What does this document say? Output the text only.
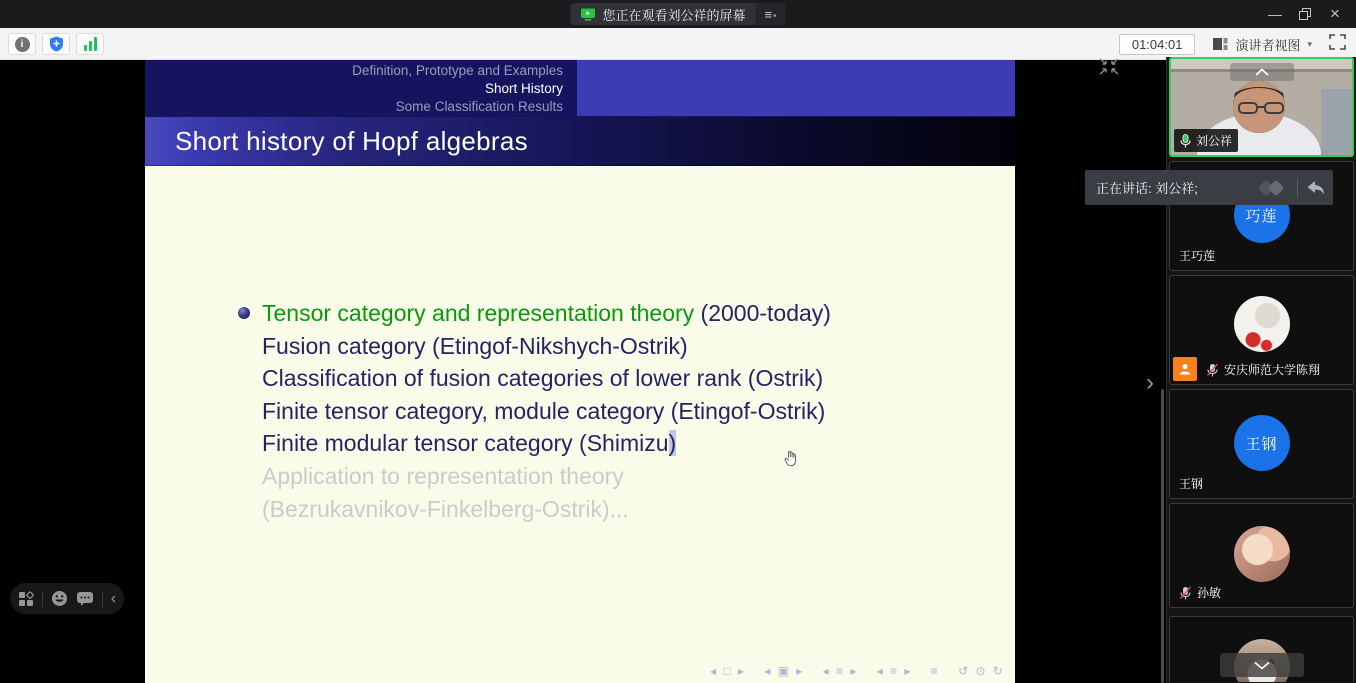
您正在观看刘公祥的屏幕 ≡ ▾	—	×
i	01:04:01	演讲者视图 ▾
Definition, Prototype and Examples
Short History
Some Classification Results
Short history of Hopf algebras
Tensor category and representation theory (2000-today)
Fusion category (Etingof-Nikshych-Ostrik)
Classification of fusion categories of lower rank (Ostrik)
Finite tensor category, module category (Etingof-Ostrik)
Finite modular tensor category (Shimizu)
Application to representation theory
(Bezrukavnikov-Finkelberg-Ostrik)...
◂ □ ▸ ◂ ▣ ▸ ◂ ≡ ▸ ◂ ≡ ▸ ≡ ↺ ⊙ ↻
›
刘公祥
巧莲
王巧莲
安庆师范大学陈翔
王钢
王钢
孙敏
正在讲话: 刘公祥;
‹
